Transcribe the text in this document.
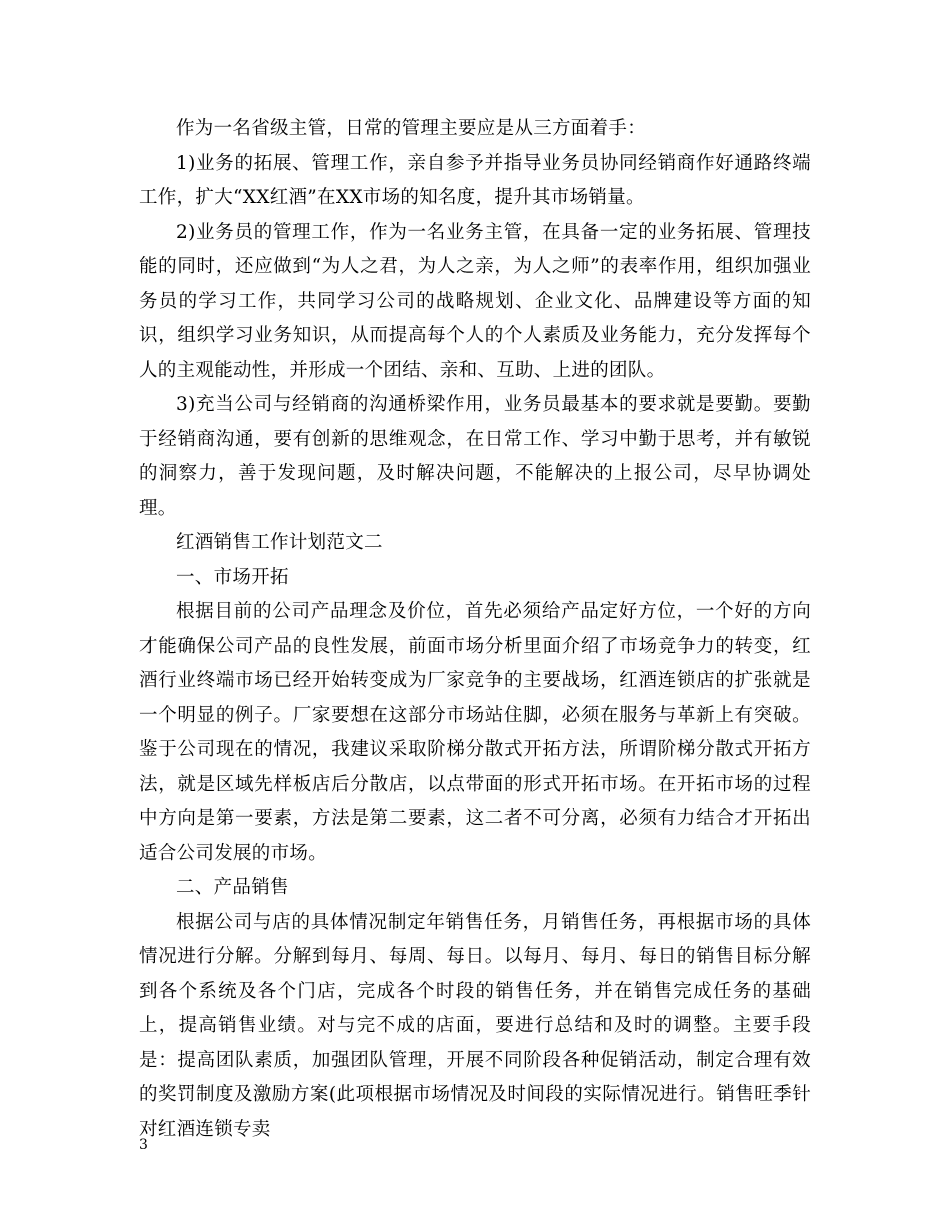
作为一名省级主管，日常的管理主要应是从三方面着手：

1)业务的拓展、管理工作，亲自参予并指导业务员协同经销商作好通路终端工作，扩大“XX红酒”在XX市场的知名度，提升其市场销量。

2)业务员的管理工作，作为一名业务主管，在具备一定的业务拓展、管理技能的同时，还应做到“为人之君，为人之亲，为人之师”的表率作用，组织加强业务员的学习工作，共同学习公司的战略规划、企业文化、品牌建设等方面的知识，组织学习业务知识，从而提高每个人的个人素质及业务能力，充分发挥每个人的主观能动性，并形成一个团结、亲和、互助、上进的团队。

3)充当公司与经销商的沟通桥梁作用，业务员最基本的要求就是要勤。要勤于经销商沟通，要有创新的思维观念，在日常工作、学习中勤于思考，并有敏锐的洞察力，善于发现问题，及时解决问题，不能解决的上报公司，尽早协调处理。

红酒销售工作计划范文二

一、市场开拓

根据目前的公司产品理念及价位，首先必须给产品定好方位，一个好的方向才能确保公司产品的良性发展，前面市场分析里面介绍了市场竞争力的转变，红酒行业终端市场已经开始转变成为厂家竞争的主要战场，红酒连锁店的扩张就是一个明显的例子。厂家要想在这部分市场站住脚，必须在服务与革新上有突破。鉴于公司现在的情况，我建议采取阶梯分散式开拓方法，所谓阶梯分散式开拓方法，就是区域先样板店后分散店，以点带面的形式开拓市场。在开拓市场的过程中方向是第一要素，方法是第二要素，这二者不可分离，必须有力结合才开拓出适合公司发展的市场。

二、产品销售

根据公司与店的具体情况制定年销售任务，月销售任务，再根据市场的具体情况进行分解。分解到每月、每周、每日。以每月、每月、每日的销售目标分解到各个系统及各个门店，完成各个时段的销售任务，并在销售完成任务的基础上，提高销售业绩。对与完不成的店面，要进行总结和及时的调整。主要手段是：提高团队素质，加强团队管理，开展不同阶段各种促销活动，制定合理有效的奖罚制度及激励方案(此项根据市场情况及时间段的实际情况进行。销售旺季针对红酒连锁专卖

3
